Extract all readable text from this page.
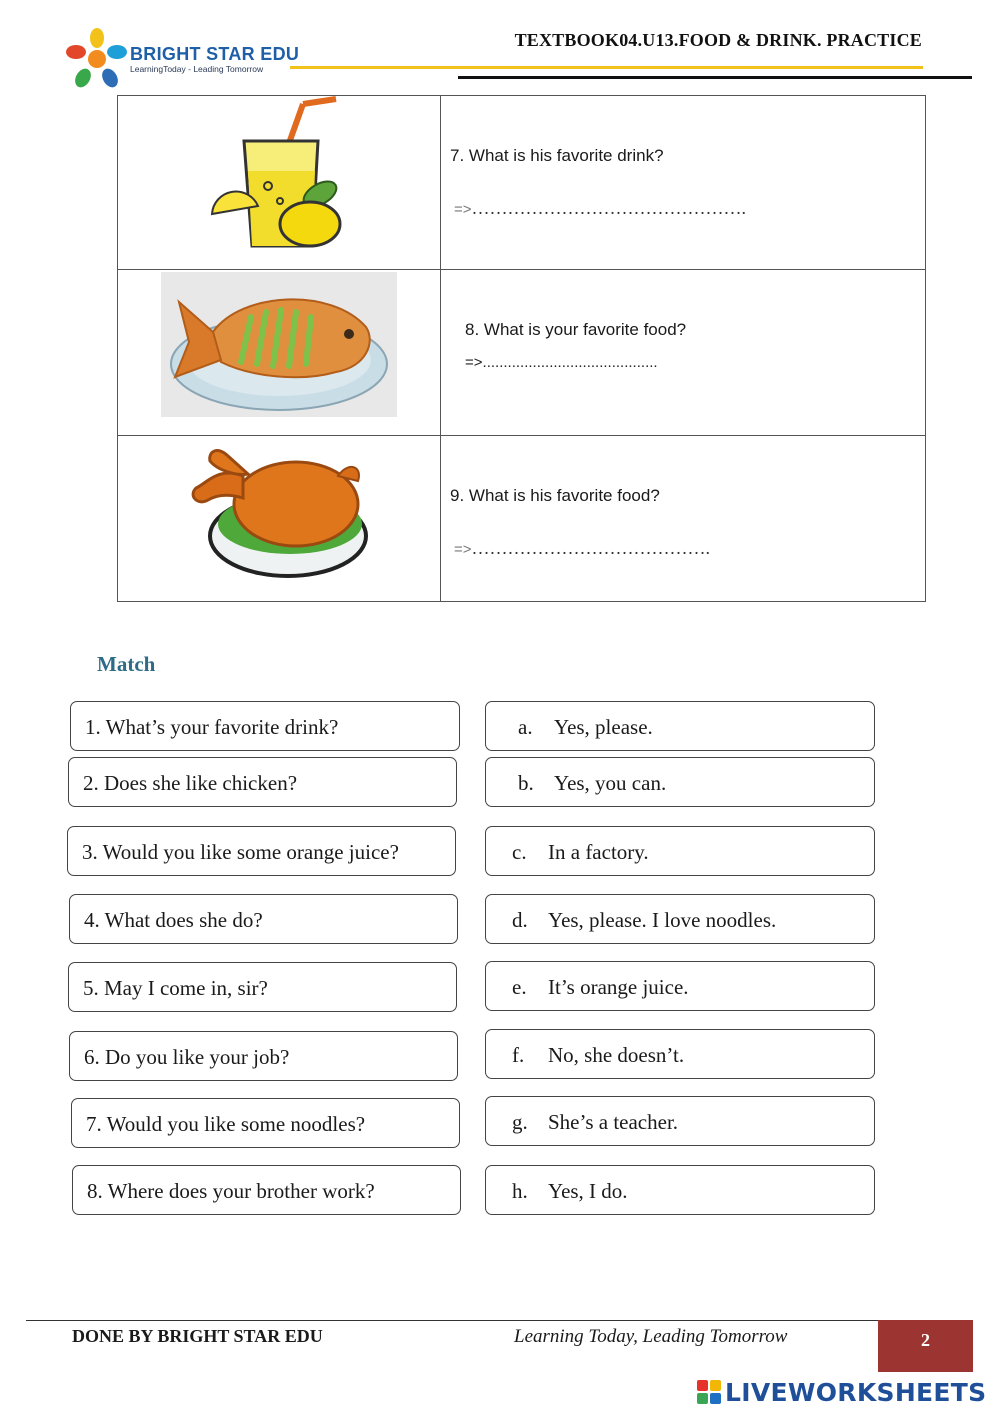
BRIGHT STAR EDU
LearningToday - Leading Tomorrow
TEXTBOOK04.U13.FOOD & DRINK. PRACTICE

7. What is his favorite drink?
=>……………………………………….

8. What is your favorite food?
=>..........................................

9. What is his favorite food?
=>………………………………….
Match
1. What’s your favorite drink?
2. Does she like chicken?
3. Would you like some orange juice?
4. What does she do?
5. May I come in, sir?
6. Do you like your job?
7. Would you like some noodles?
8. Where does your brother work?
a. Yes, please.
b. Yes, you can.
c. In a factory.
d. Yes, please. I love noodles.
e. It’s orange juice.
f. No, she doesn’t.
g. She’s a teacher.
h. Yes, I do.
DONE BY BRIGHT STAR EDU	Learning Today, Leading Tomorrow	2
LIVEWORKSHEETS
